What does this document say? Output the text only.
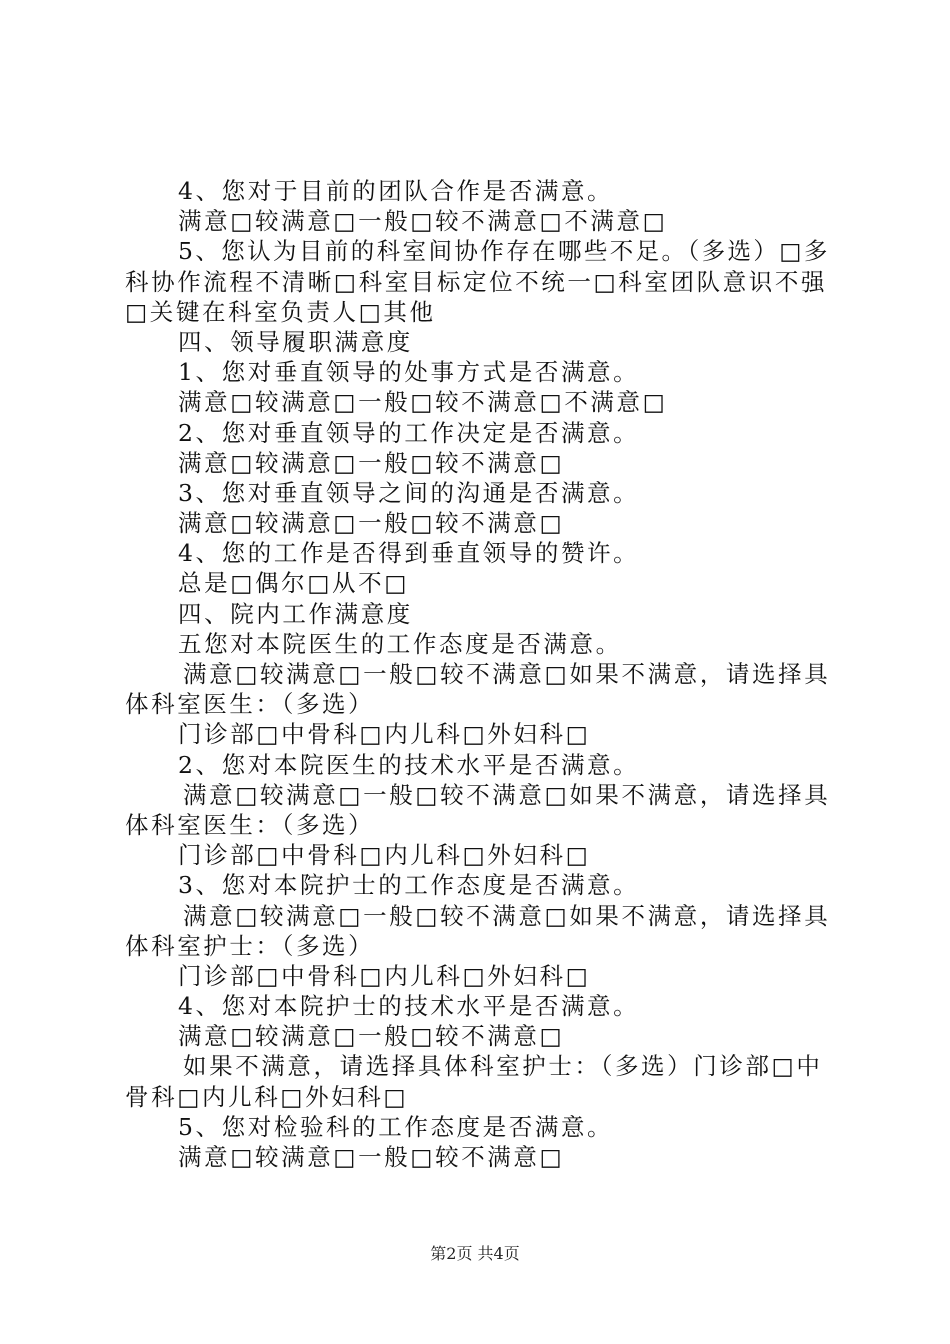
4、您对于目前的团队合作是否满意。
满意□较满意□一般□较不满意□不满意□
5、您认为目前的科室间协作存在哪些不足。（多选）□多
科协作流程不清晰□科室目标定位不统一□科室团队意识不强
□关键在科室负责人□其他
四、领导履职满意度
1、您对垂直领导的处事方式是否满意。
满意□较满意□一般□较不满意□不满意□
2、您对垂直领导的工作决定是否满意。
满意□较满意□一般□较不满意□
3、您对垂直领导之间的沟通是否满意。
满意□较满意□一般□较不满意□
4、您的工作是否得到垂直领导的赞许。
总是□偶尔□从不□
四、院内工作满意度
五您对本院医生的工作态度是否满意。
满意□较满意□一般□较不满意□如果不满意，请选择具
体科室医生：（多选）
门诊部□中骨科□内儿科□外妇科□
2、您对本院医生的技术水平是否满意。
满意□较满意□一般□较不满意□如果不满意，请选择具
体科室医生：（多选）
门诊部□中骨科□内儿科□外妇科□
3、您对本院护士的工作态度是否满意。
满意□较满意□一般□较不满意□如果不满意，请选择具
体科室护士：（多选）
门诊部□中骨科□内儿科□外妇科□
4、您对本院护士的技术水平是否满意。
满意□较满意□一般□较不满意□
如果不满意，请选择具体科室护士：（多选）门诊部□中
骨科□内儿科□外妇科□
5、您对检验科的工作态度是否满意。
满意□较满意□一般□较不满意□
第2页 共4页
